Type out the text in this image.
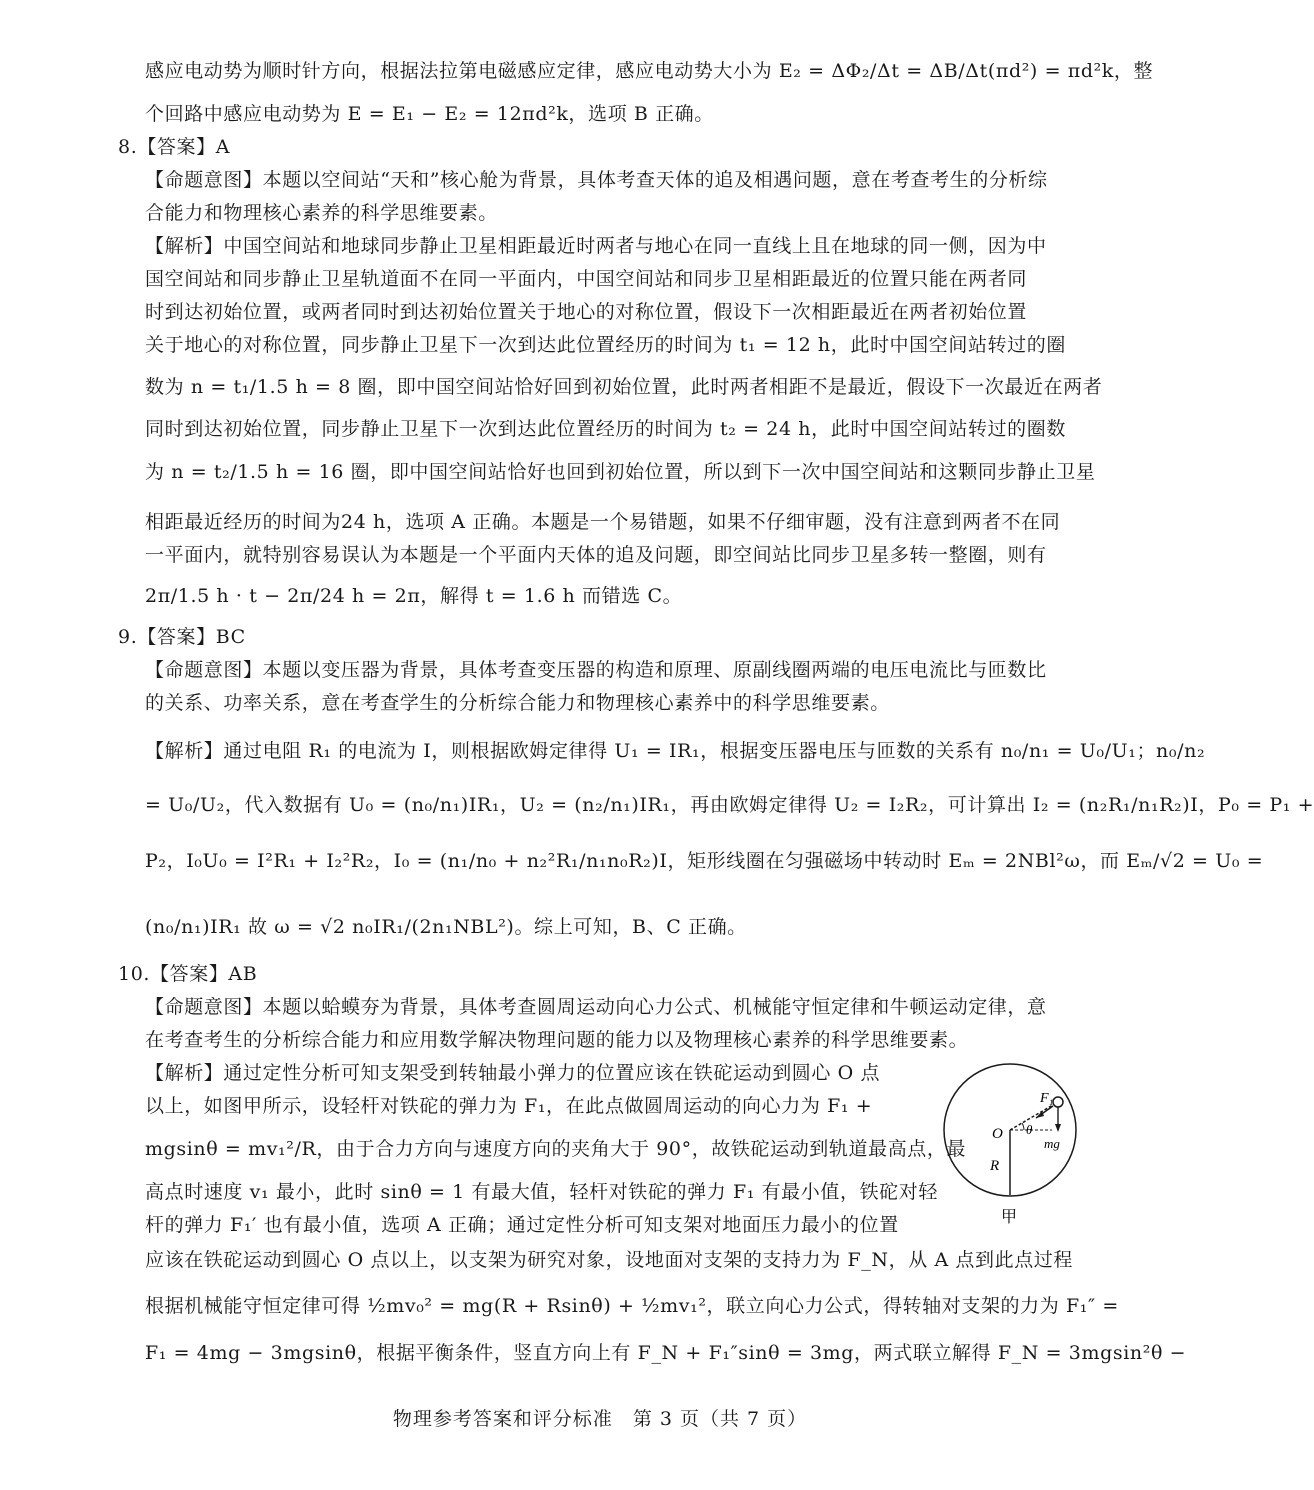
感应电动势为顺时针方向，根据法拉第电磁感应定律，感应电动势大小为 E₂ = ΔΦ₂/Δt = ΔB/Δt(πd²) = πd²k，整
个回路中感应电动势为 E = E₁ − E₂ = 12πd²k，选项 B 正确。
8.【答案】A
【命题意图】本题以空间站“天和”核心舱为背景，具体考查天体的追及相遇问题，意在考查考生的分析综
合能力和物理核心素养的科学思维要素。
【解析】中国空间站和地球同步静止卫星相距最近时两者与地心在同一直线上且在地球的同一侧，因为中
国空间站和同步静止卫星轨道面不在同一平面内，中国空间站和同步卫星相距最近的位置只能在两者同
时到达初始位置，或两者同时到达初始位置关于地心的对称位置，假设下一次相距最近在两者初始位置
关于地心的对称位置，同步静止卫星下一次到达此位置经历的时间为 t₁ = 12 h，此时中国空间站转过的圈
数为 n = t₁/1.5 h = 8 圈，即中国空间站恰好回到初始位置，此时两者相距不是最近，假设下一次最近在两者
同时到达初始位置，同步静止卫星下一次到达此位置经历的时间为 t₂ = 24 h，此时中国空间站转过的圈数
为 n = t₂/1.5 h = 16 圈，即中国空间站恰好也回到初始位置，所以到下一次中国空间站和这颗同步静止卫星
相距最近经历的时间为24 h，选项 A 正确。本题是一个易错题，如果不仔细审题，没有注意到两者不在同
一平面内，就特别容易误认为本题是一个平面内天体的追及问题，即空间站比同步卫星多转一整圈，则有
2π/1.5 h · t − 2π/24 h = 2π，解得 t = 1.6 h 而错选 C。
9.【答案】BC
【命题意图】本题以变压器为背景，具体考查变压器的构造和原理、原副线圈两端的电压电流比与匝数比
的关系、功率关系，意在考查学生的分析综合能力和物理核心素养中的科学思维要素。
【解析】通过电阻 R₁ 的电流为 I，则根据欧姆定律得 U₁ = IR₁，根据变压器电压与匝数的关系有 n₀/n₁ = U₀/U₁；n₀/n₂
= U₀/U₂，代入数据有 U₀ = (n₀/n₁)IR₁，U₂ = (n₂/n₁)IR₁，再由欧姆定律得 U₂ = I₂R₂，可计算出 I₂ = (n₂R₁/n₁R₂)I，P₀ = P₁ +
P₂，I₀U₀ = I²R₁ + I₂²R₂，I₀ = (n₁/n₀ + n₂²R₁/n₁n₀R₂)I，矩形线圈在匀强磁场中转动时 Eₘ = 2NBl²ω，而 Eₘ/√2 = U₀ =
(n₀/n₁)IR₁ 故 ω = √2 n₀IR₁/(2n₁NBL²)。综上可知，B、C 正确。
10.【答案】AB
【命题意图】本题以蛤蟆夯为背景，具体考查圆周运动向心力公式、机械能守恒定律和牛顿运动定律，意
在考查考生的分析综合能力和应用数学解决物理问题的能力以及物理核心素养的科学思维要素。
【解析】通过定性分析可知支架受到转轴最小弹力的位置应该在铁砣运动到圆心 O 点
以上，如图甲所示，设轻杆对铁砣的弹力为 F₁，在此点做圆周运动的向心力为 F₁ +
mgsinθ = mv₁²/R，由于合力方向与速度方向的夹角大于 90°，故铁砣运动到轨道最高点，最
高点时速度 v₁ 最小，此时 sinθ = 1 有最大值，轻杆对铁砣的弹力 F₁ 有最小值，铁砣对轻
杆的弹力 F₁′ 也有最小值，选项 A 正确；通过定性分析可知支架对地面压力最小的位置
应该在铁砣运动到圆心 O 点以上，以支架为研究对象，设地面对支架的支持力为 F_N，从 A 点到此点过程
根据机械能守恒定律可得 ½mv₀² = mg(R + Rsinθ) + ½mv₁²，联立向心力公式，得转轴对支架的力为 F₁″ =
F₁ = 4mg − 3mgsinθ，根据平衡条件，竖直方向上有 F_N + F₁″sinθ = 3mg，两式联立解得 F_N = 3mgsin²θ −
F₁
O θ
mg
R
甲
物理参考答案和评分标准　第 3 页（共 7 页）
